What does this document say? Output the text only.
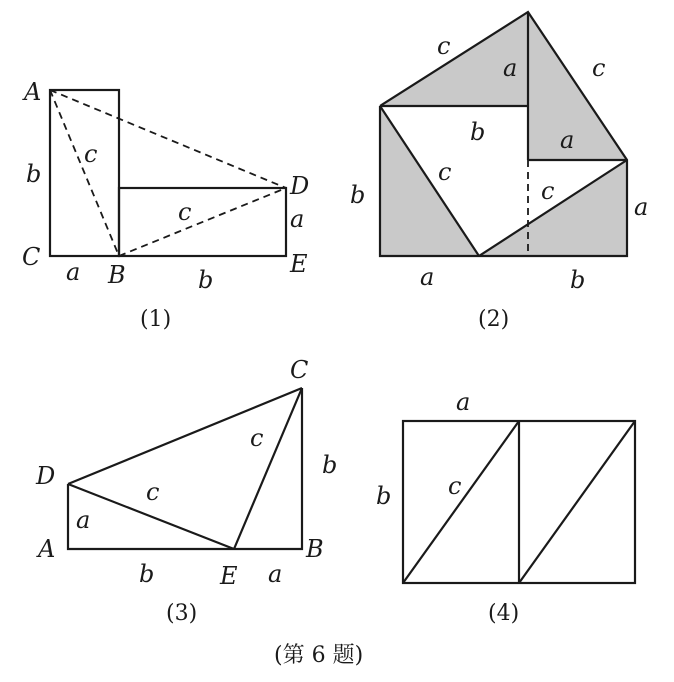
A
C
B
D
E
b
a	b
a
c
c
(1)
c
a	c
b	a
c
c
b	a
a	b
(2)
C
D
A	B
E
c
b
c
a
b	a
(3)
a
b c
(4)
(第 6 题)
